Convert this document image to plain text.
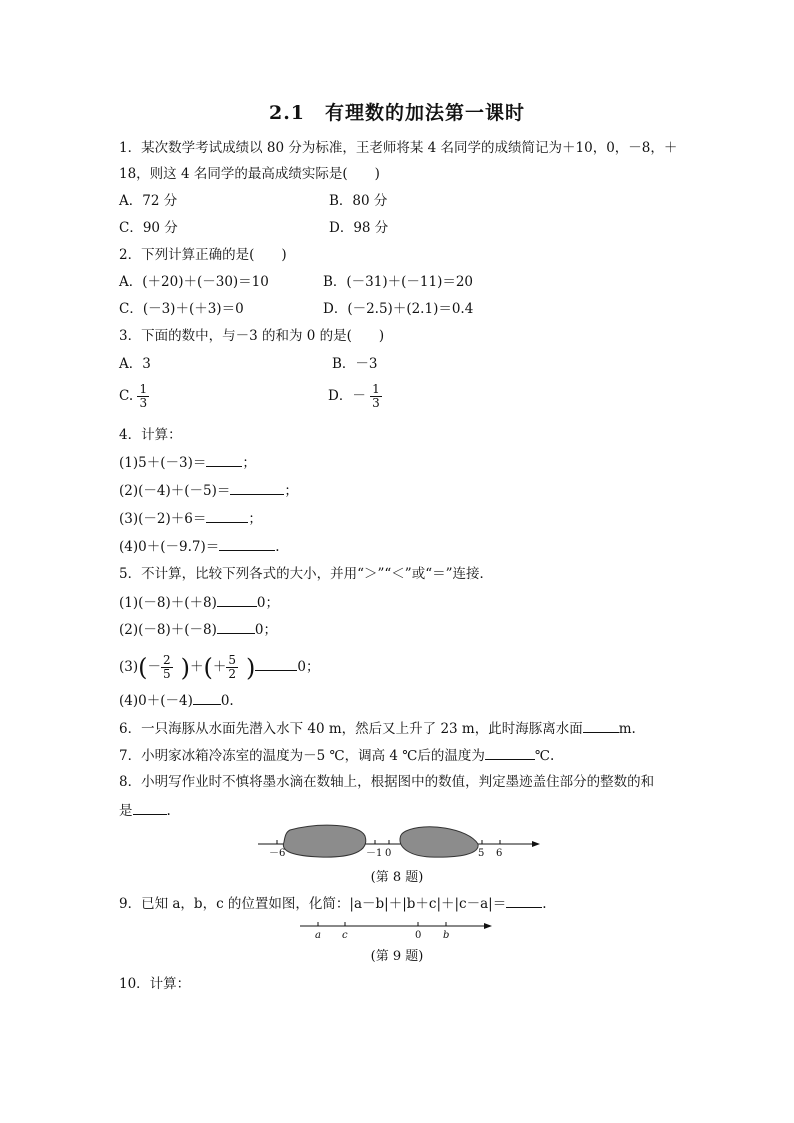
2.1　有理数的加法第一课时
1．某次数学考试成绩以 80 分为标准，王老师将某 4 名同学的成绩简记为＋10，0，－8，＋
18，则这 4 名同学的最高成绩实际是(　　)
A．72 分	B．80 分
C．90 分	D．98 分
2．下列计算正确的是(　　)
A．(＋20)＋(－30)＝10	B．(－31)＋(－11)＝20
C．(－3)＋(＋3)＝0	D．(－2.5)＋(2.1)＝0.4
3．下面的数中，与－3 的和为 0 的是(　　)
A．3	B．－3
C. $\frac{1}{3}$	D．－ $\frac{1}{3}$
4．计算：
(1)5＋(－3)＝	；
(2)(－4)＋(－5)＝	；
(3)(－2)＋6＝	；
(4)0＋(－9.7)＝	.
5．不计算，比较下列各式的大小，并用“＞”“＜”或“＝”连接．
(1)(－8)＋(＋8)	0；
(2)(－8)＋(－8)	0；
$(3)(- \frac{2}{5}$ )＋(＋ $\frac{5}{2}$ )	0；
(4)0＋(－4) 0.
6．一只海豚从水面先潜入水下 40 m，然后又上升了 23 m，此时海豚离水面	m.
7．小明家冰箱冷冻室的温度为－5 ℃，调高 4 ℃后的温度为	℃.
8．小明写作业时不慎将墨水滴在数轴上，根据图中的数值，判定墨迹盖住部分的整数的和
是	.
－6	－1 0	5 6
(第 8 题)
9．已知 a，b，c 的位置如图，化简：|a－b|＋|b＋c|＋|c－a|＝	.
a c	0 b
(第 9 题)
10．计算：
